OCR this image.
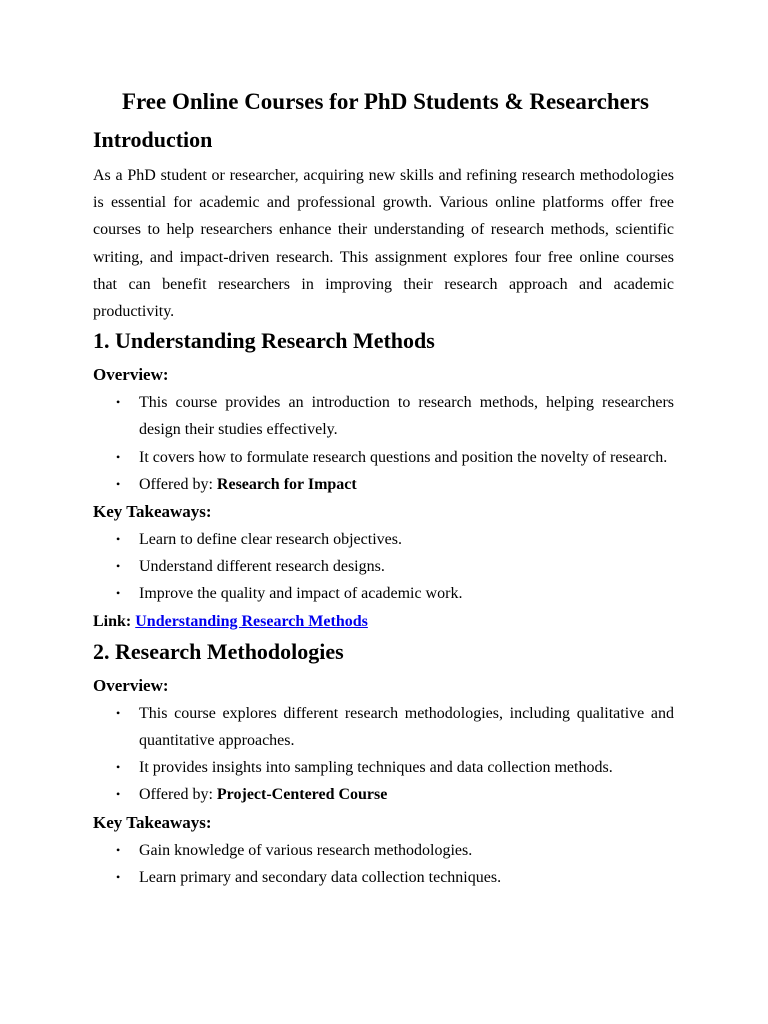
Free Online Courses for PhD Students & Researchers
Introduction

As a PhD student or researcher, acquiring new skills and refining research methodologies is essential for academic and professional growth. Various online platforms offer free courses to help researchers enhance their understanding of research methods, scientific writing, and impact-driven research. This assignment explores four free online courses that can benefit researchers in improving their research approach and academic productivity.

1. Understanding Research Methods
Overview:
• This course provides an introduction to research methods, helping researchers design their studies effectively.
• It covers how to formulate research questions and position the novelty of research.
• Offered by: Research for Impact
Key Takeaways:
• Learn to define clear research objectives.
• Understand different research designs.
• Improve the quality and impact of academic work.

Link: Understanding Research Methods

2. Research Methodologies
Overview:
• This course explores different research methodologies, including qualitative and quantitative approaches.
• It provides insights into sampling techniques and data collection methods.
• Offered by: Project-Centered Course
Key Takeaways:
• Gain knowledge of various research methodologies.
• Learn primary and secondary data collection techniques.
